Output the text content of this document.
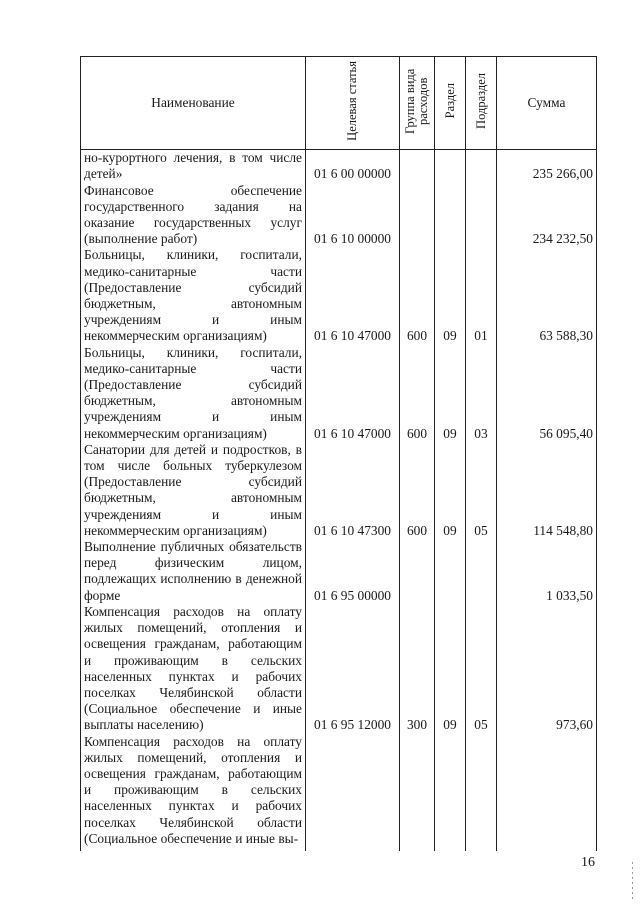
Наименование	Целевая статья	Группа вида расходов	Раздел	Подраздел	Сумма
но-курортного лечения, в том числе детей»	01 6 00 00000				235 266,00
Финансовое обеспечение государственного задания на оказание государственных услуг (выполнение работ)	01 6 10 00000				234 232,50
Больницы, клиники, госпитали, медико-санитарные части (Предоставление субсидий бюджетным, автономным учреждениям и иным некоммерческим организациям)	01 6 10 47000	600	09	01	63 588,30
Больницы, клиники, госпитали, медико-санитарные части (Предоставление субсидий бюджетным, автономным учреждениям и иным некоммерческим организациям)	01 6 10 47000	600	09	03	56 095,40
Санатории для детей и подростков, в том числе больных туберкулезом (Предоставление субсидий бюджетным, автономным учреждениям и иным некоммерческим организациям)	01 6 10 47300	600	09	05	114 548,80
Выполнение публичных обязательств перед физическим лицом, подлежащих исполнению в денежной форме	01 6 95 00000				1 033,50
Компенсация расходов на оплату жилых помещений, отопления и освещения гражданам, работающим и проживающим в сельских населенных пунктах и рабочих поселках Челябинской области (Социальное обеспечение и иные выплаты населению)	01 6 95 12000	300	09	05	973,60
Компенсация расходов на оплату жилых помещений, отопления и освещения гражданам, работающим и проживающим в сельских населенных пунктах и рабочих поселках Челябинской области (Социальное обеспечение и иные вы-					

16
